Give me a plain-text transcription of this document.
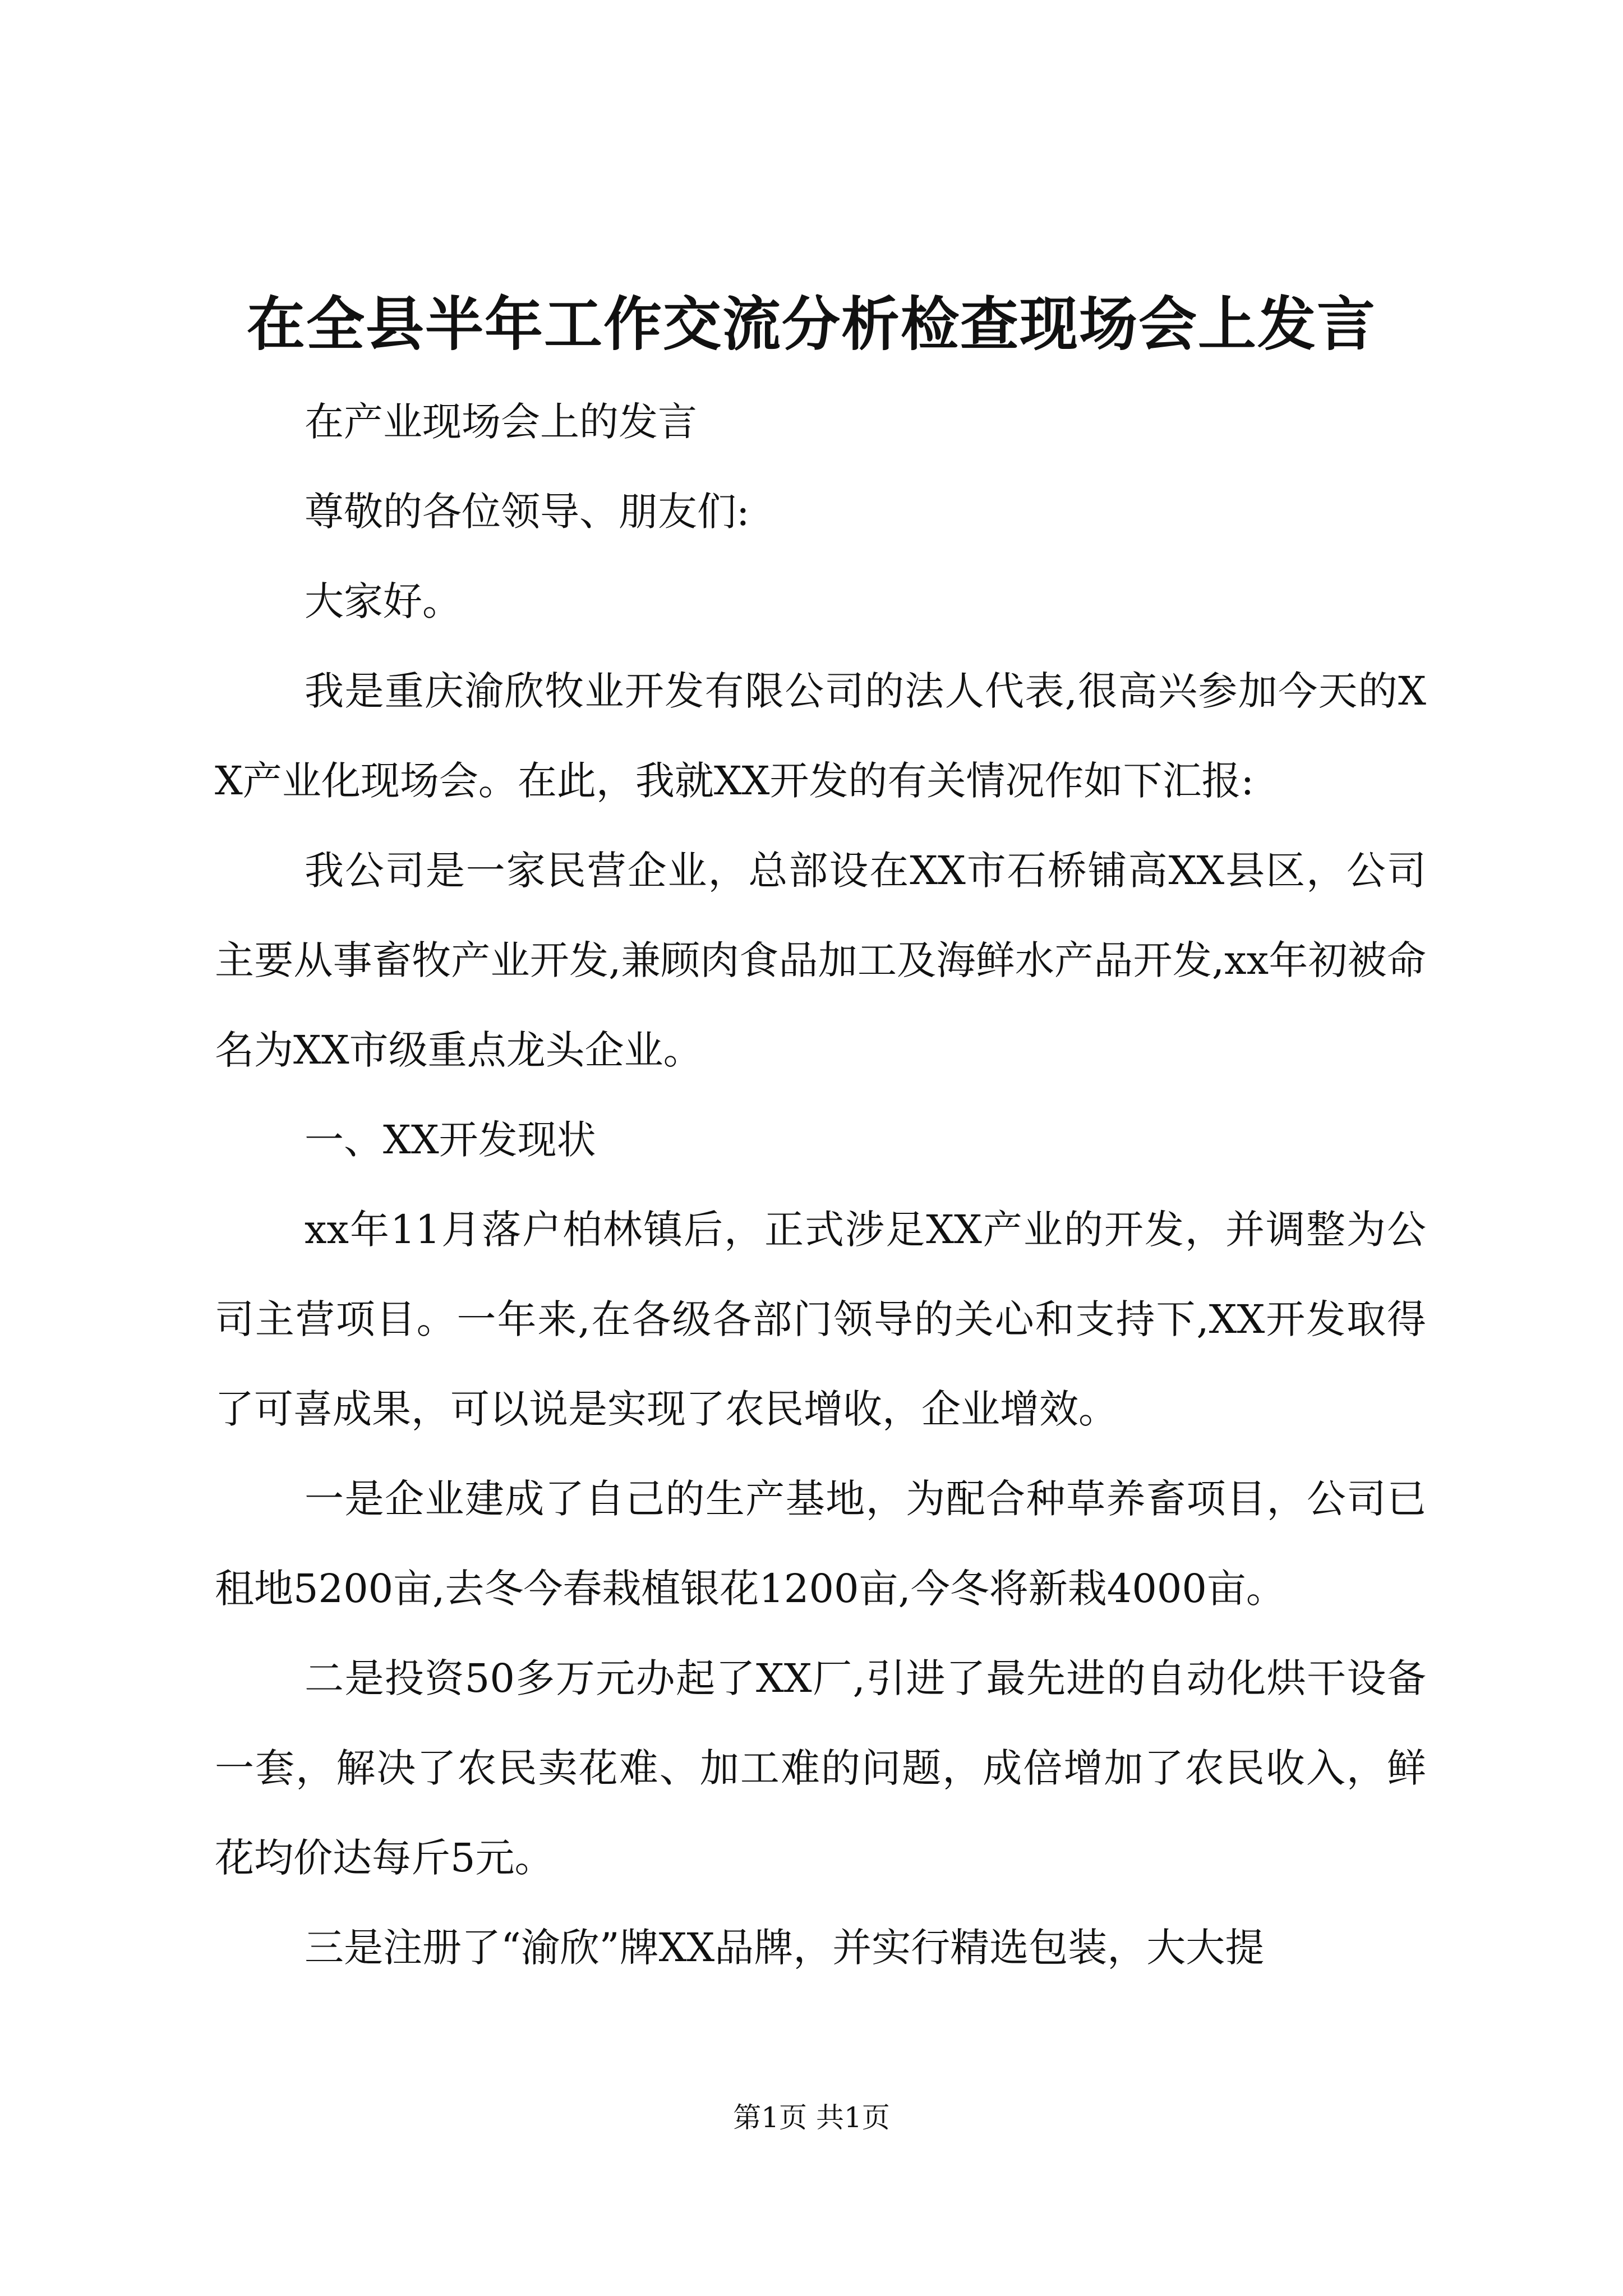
在全县半年工作交流分析检查现场会上发言

在产业现场会上的发言

尊敬的各位领导、朋友们:

大家好。

我是重庆渝欣牧业开发有限公司的法人代表,很高兴参加今天的XX产业化现场会。在此，我就XX开发的有关情况作如下汇报:

我公司是一家民营企业，总部设在XX市石桥铺高XX县区，公司主要从事畜牧产业开发,兼顾肉食品加工及海鲜水产品开发,xx年初被命名为XX市级重点龙头企业。

一、XX开发现状

xx年11月落户柏林镇后，正式涉足XX产业的开发，并调整为公司主营项目。一年来,在各级各部门领导的关心和支持下,XX开发取得了可喜成果，可以说是实现了农民增收，企业增效。

一是企业建成了自己的生产基地，为配合种草养畜项目，公司已租地5200亩,去冬今春栽植银花1200亩,今冬将新栽4000亩。

二是投资50多万元办起了XX厂,引进了最先进的自动化烘干设备一套，解决了农民卖花难、加工难的问题，成倍增加了农民收入，鲜花均价达每斤5元。

三是注册了“渝欣”牌XX品牌，并实行精选包装，大大提

第1页 共1页
